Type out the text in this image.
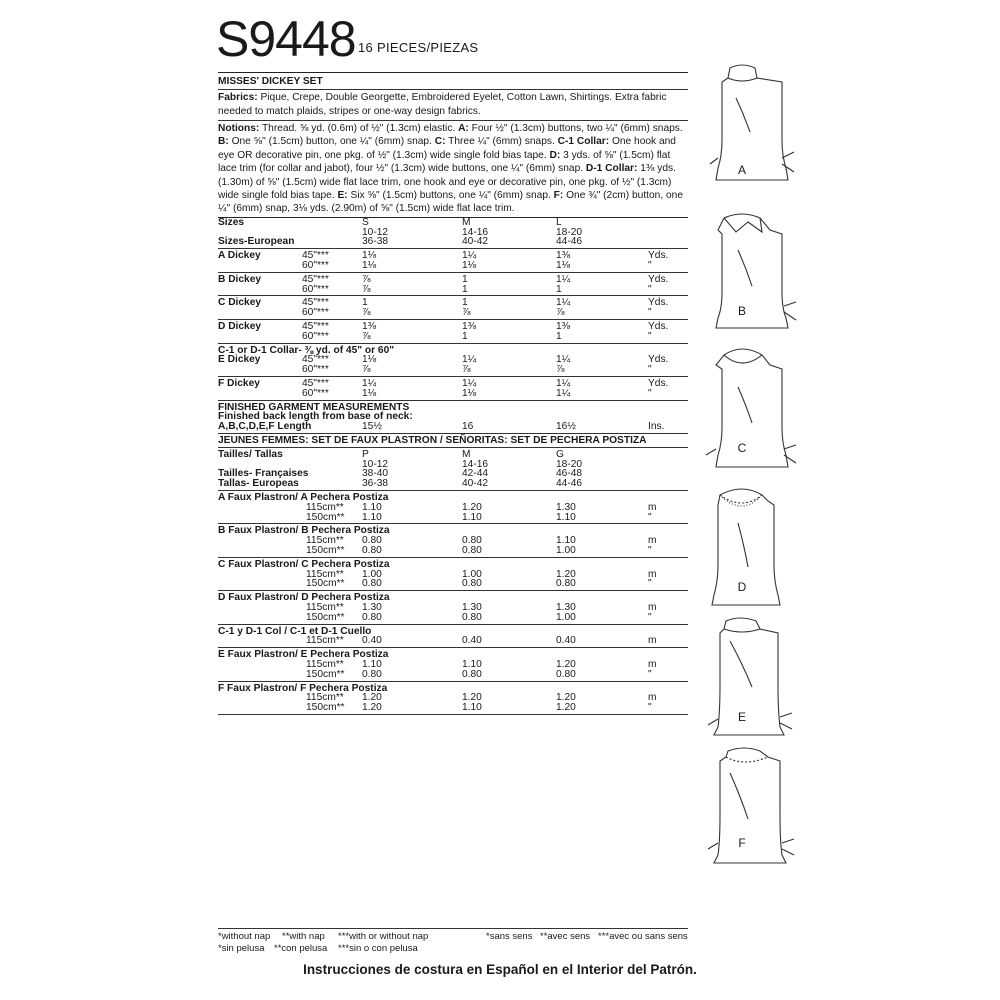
S9448 16 PIECES/PIEZAS
MISSES' DICKEY SET
Fabrics: Pique, Crepe, Double Georgette, Embroidered Eyelet, Cotton Lawn, Shirtings. Extra fabric needed to match plaids, stripes or one-way design fabrics.
Notions: Thread. ⅝ yd. (0.6m) of ½" (1.3cm) elastic. A: Four ½" (1.3cm) buttons, two ¼" (6mm) snaps. B: One ⅝" (1.5cm) button, one ¼" (6mm) snap. C: Three ¼" (6mm) snaps. C-1 Collar: One hook and eye OR decorative pin, one pkg. of ½" (1.3cm) wide single fold bias tape. D: 3 yds. of ⅝" (1.5cm) flat lace trim (for collar and jabot), four ½" (1.3cm) wide buttons, one ¼" (6mm) snap. D-1 Collar: 1⅜ yds. (1.30m) of ⅝" (1.5cm) wide flat lace trim, one hook and eye or decorative pin, one pkg. of ½" (1.3cm) wide single fold bias tape. E: Six ⅝" (1.5cm) buttons, one ¼" (6mm) snap. F: One ¾" (2cm) button, one ¼" (6mm) snap, 3⅛ yds. (2.90m) of ⅝" (1.5cm) wide flat lace trim.
Sizes	S	M	L
10-12	14-16	18-20
Sizes-European	36-38	40-42	44-46
A Dickey	45"***	1⅛	1¼	1⅜	Yds.
60"***	1⅛	1⅛	1⅛	"
B Dickey	45"***	⅞	1	1¼	Yds.
60"***	⅞	1	1	"
C Dickey	45"***	1	1	1¼	Yds.
60"***	⅞	⅞	⅞	"
D Dickey	45"***	1⅜	1⅜	1⅜	Yds.
60"***	⅞	1	1	"
C-1 or D-1 Collar- ⅜ yd. of 45" or 60"
E Dickey	45"***	1⅛	1¼	1¼	Yds.
60"***	⅞	⅞	⅞	"
F Dickey	45"***	1¼	1¼	1¼	Yds.
60"***	1⅛	1⅛	1¼	"
FINISHED GARMENT MEASUREMENTS
Finished back length from base of neck:
A,B,C,D,E,F Length	15½	16	16½	Ins.
JEUNES FEMMES: SET DE FAUX PLASTRON / SEÑORITAS: SET DE PECHERA POSTIZA
Tailles/ Tallas	P	M	G
10-12	14-16	18-20
Tailles- Françaises	38-40	42-44	46-48
Tallas- Europeas	36-38	40-42	44-46
A Faux Plastron/ A Pechera Postiza
115cm** 1.10	1.20	1.30	m
150cm** 1.10	1.10	1.10	"
B Faux Plastron/ B Pechera Postiza
115cm** 0.80	0.80	1.10	m
150cm** 0.80	0.80	1.00	"
C Faux Plastron/ C Pechera Postiza
115cm** 1.00	1.00	1.20	m
150cm** 0.80	0.80	0.80	"
D Faux Plastron/ D Pechera Postiza
115cm** 1.30	1.30	1.30	m
150cm** 0.80	0.80	1.00	"
C-1 y D-1 Col / C-1 et D-1 Cuello
115cm** 0.40	0.40	0.40	m
E Faux Plastron/ E Pechera Postiza
115cm** 1.10	1.10	1.20	m
150cm** 0.80	0.80	0.80	"
F Faux Plastron/ F Pechera Postiza
115cm** 1.20	1.20	1.20	m
150cm** 1.20	1.10	1.20	"
*without nap **with nap ***with or without nap	*sans sens **avec sens ***avec ou sans sens
*sin pelusa **con pelusa ***sin o con pelusa
Instrucciones de costura en Español en el Interior del Patrón.
A
B
C
D
E
F
